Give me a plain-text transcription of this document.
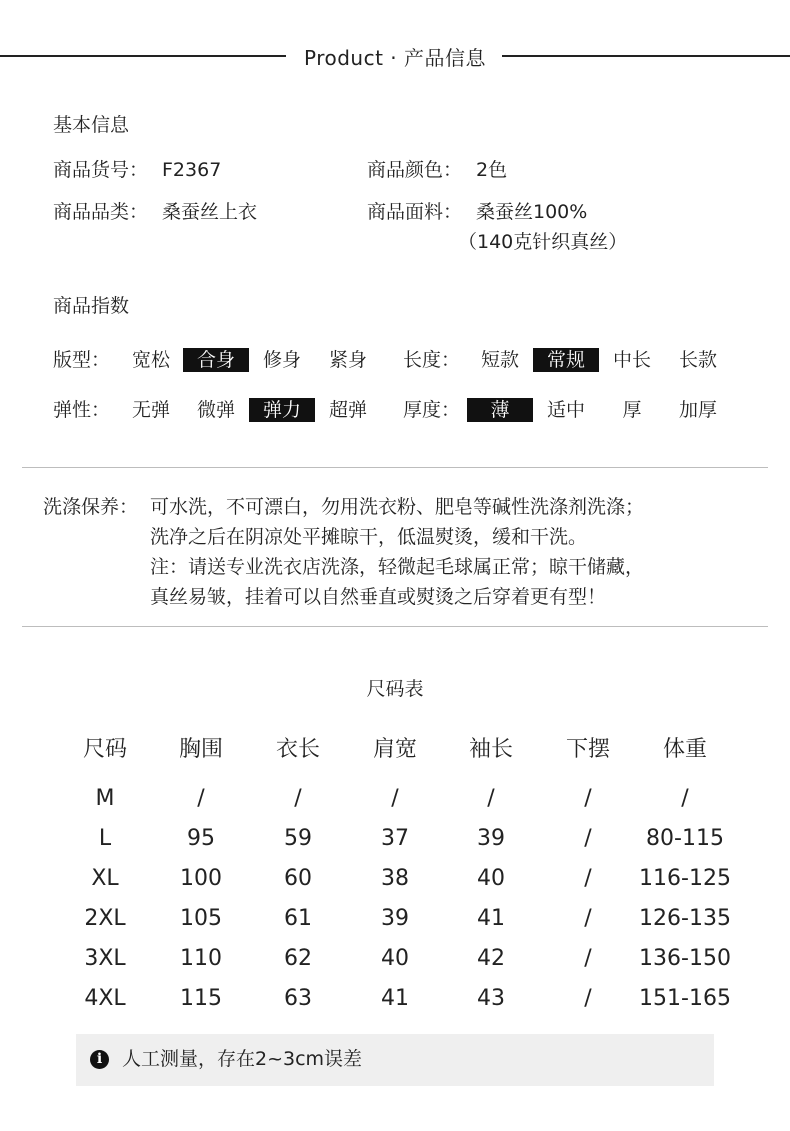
Product · 产品信息
基本信息
商品货号： F2367	商品颜色： 2色
商品品类： 桑蚕丝上衣	商品面料： 桑蚕丝100%
（140克针织真丝）
商品指数
版型：	宽松	合身	修身	紧身	长度：	短款	常规	中长	长款
弹性：	无弹	微弹	弹力	超弹	厚度：	薄	适中	厚	加厚
洗涤保养： 可水洗，不可漂白，勿用洗衣粉、肥皂等碱性洗涤剂洗涤；
洗净之后在阴凉处平摊晾干，低温熨烫，缓和干洗。
注：请送专业洗衣店洗涤，轻微起毛球属正常；晾干储藏，
真丝易皱，挂着可以自然垂直或熨烫之后穿着更有型！
尺码表
尺码	胸围	衣长	肩宽	袖长	下摆	体重
M	/	/	/	/	/	/
L	95	59	37	39	/	80-115
XL	100	60	38	40	/	116-125
2XL	105	61	39	41	/	126-135
3XL	110	62	40	42	/	136-150
4XL	115	63	41	43	/	151-165
i	人工测量，存在2~3cm误差
